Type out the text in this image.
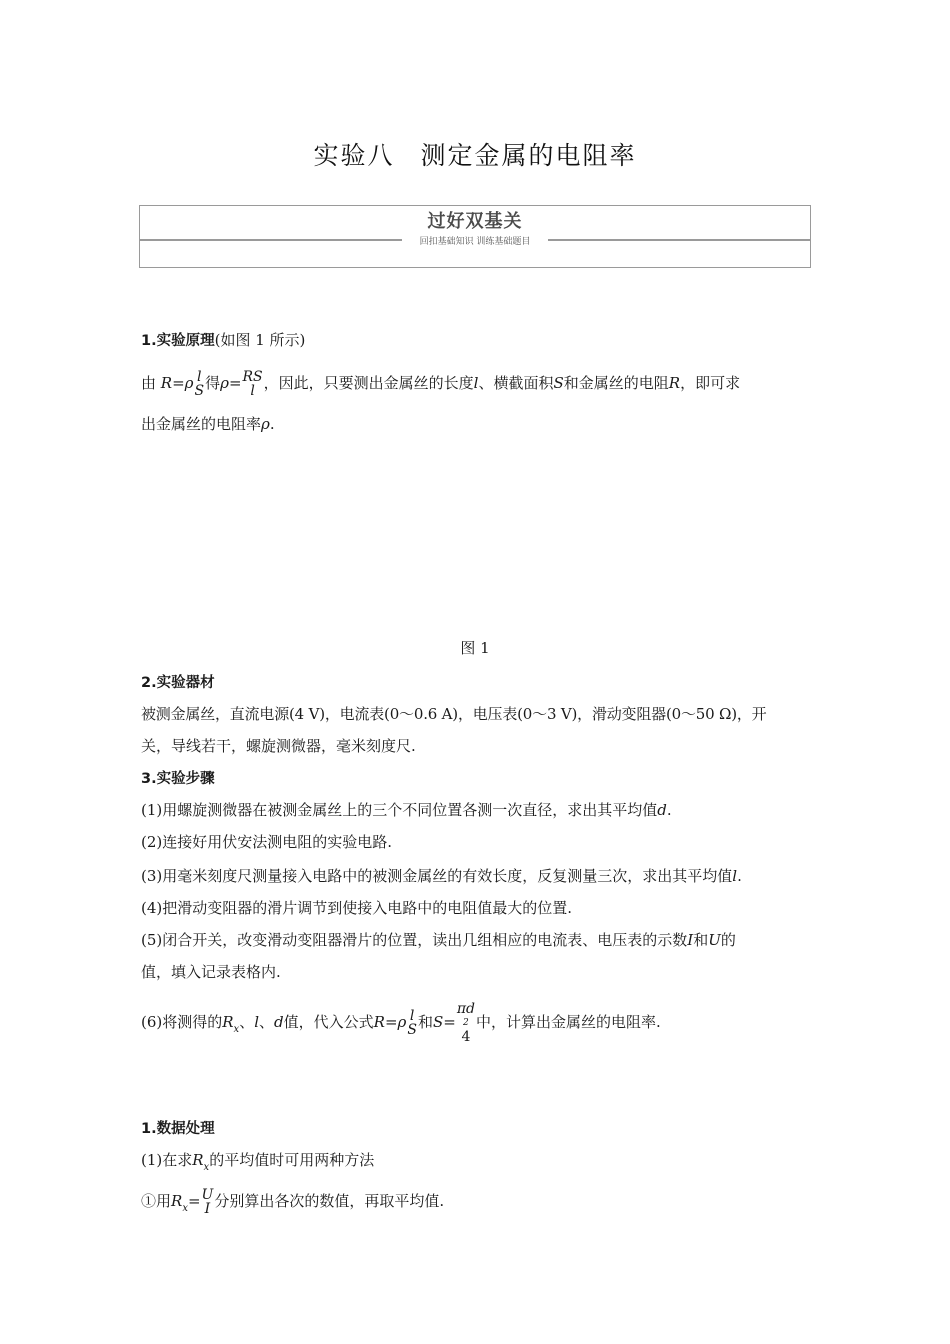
实验八 测定金属的电阻率
过好双基关
回扣基础知识 训练基础题目
1.实验原理(如图 1 所示)
由 R=ρ l
S 得ρ= RS
l ，因此，只要测出金属丝的长度l、横截面积S和金属丝的电阻R，即可求
出金属丝的电阻率ρ.
图 1
2.实验器材
被测金属丝，直流电源(4 V)，电流表(0～0.6 A)，电压表(0～3 V)，滑动变阻器(0～50 Ω)，开
关，导线若干，螺旋测微器，毫米刻度尺.
3.实验步骤
(1)用螺旋测微器在被测金属丝上的三个不同位置各测一次直径，求出其平均值d.
(2)连接好用伏安法测电阻的实验电路.
(3)用毫米刻度尺测量接入电路中的被测金属丝的有效长度，反复测量三次，求出其平均值l.
(4)把滑动变阻器的滑片调节到使接入电路中的电阻值最大的位置.
(5)闭合开关，改变滑动变阻器滑片的位置，读出几组相应的电流表、电压表的示数I和U的
值，填入记录表格内.
(6)将测得的$R_x$、l、d值，代入公式R=ρ l
S 和S=
πd
2
4
中，计算出金属丝的电阻率.
1.数据处理
(1)在求$R_x$的平均值时可用两种方法
①用$R_x= U$
I 分别算出各次的数值，再取平均值.
